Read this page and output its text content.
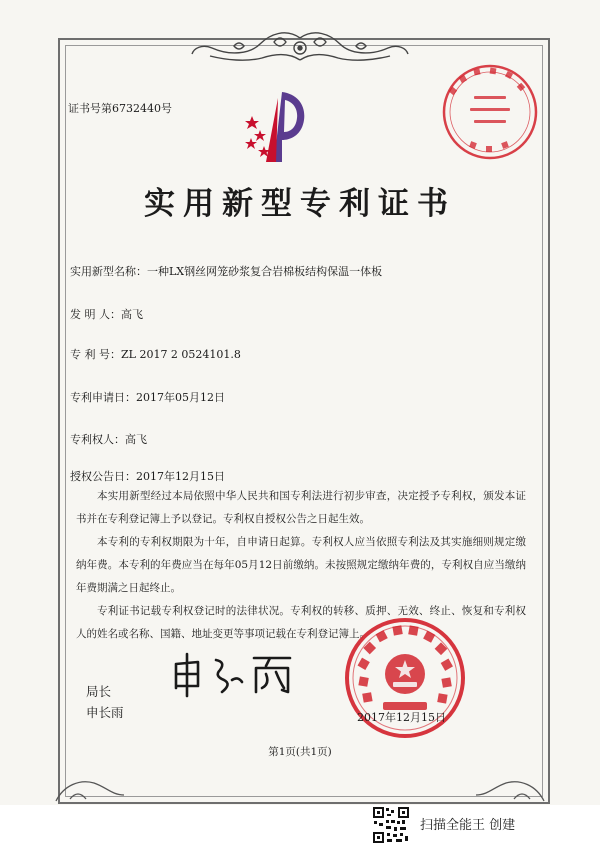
证书号第6732440号
实用新型专利证书
实用新型名称：一种LX钢丝网笼砂浆复合岩棉板结构保温一体板
发 明 人：高飞
专 利 号：ZL 2017 2 0524101.8
专利申请日：2017年05月12日
专利权人：高飞
授权公告日：2017年12月15日

本实用新型经过本局依照中华人民共和国专利法进行初步审查，决定授予专利权，颁发本证书并在专利登记簿上予以登记。专利权自授权公告之日起生效。

本专利的专利权期限为十年，自申请日起算。专利权人应当依照专利法及其实施细则规定缴纳年费。本专利的年费应当在每年05月12日前缴纳。未按照规定缴纳年费的，专利权自应当缴纳年费期满之日起终止。

专利证书记载专利权登记时的法律状况。专利权的转移、质押、无效、终止、恢复和专利权人的姓名或名称、国籍、地址变更等事项记载在专利登记簿上。

局长
申长雨	2017年12月15日
第1页(共1页)
扫描全能王 创建
